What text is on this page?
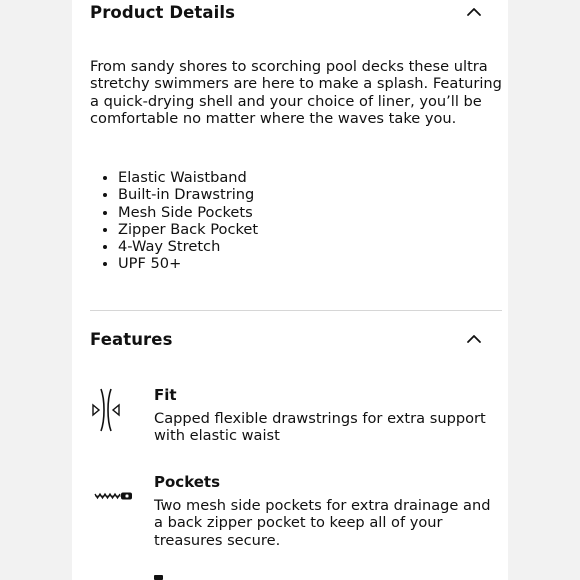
Product Details

From sandy shores to scorching pool decks these ultra stretchy swimmers are here to make a splash. Featuring a quick-drying shell and your choice of liner, you’ll be comfortable no matter where the waves take you.

• Elastic Waistband
• Built-in Drawstring
• Mesh Side Pockets
• Zipper Back Pocket
• 4-Way Stretch
• UPF 50+
Features

Fit

Capped flexible drawstrings for extra support with elastic waist

Pockets

Two mesh side pockets for extra drainage and a back zipper pocket to keep all of your treasures secure.
